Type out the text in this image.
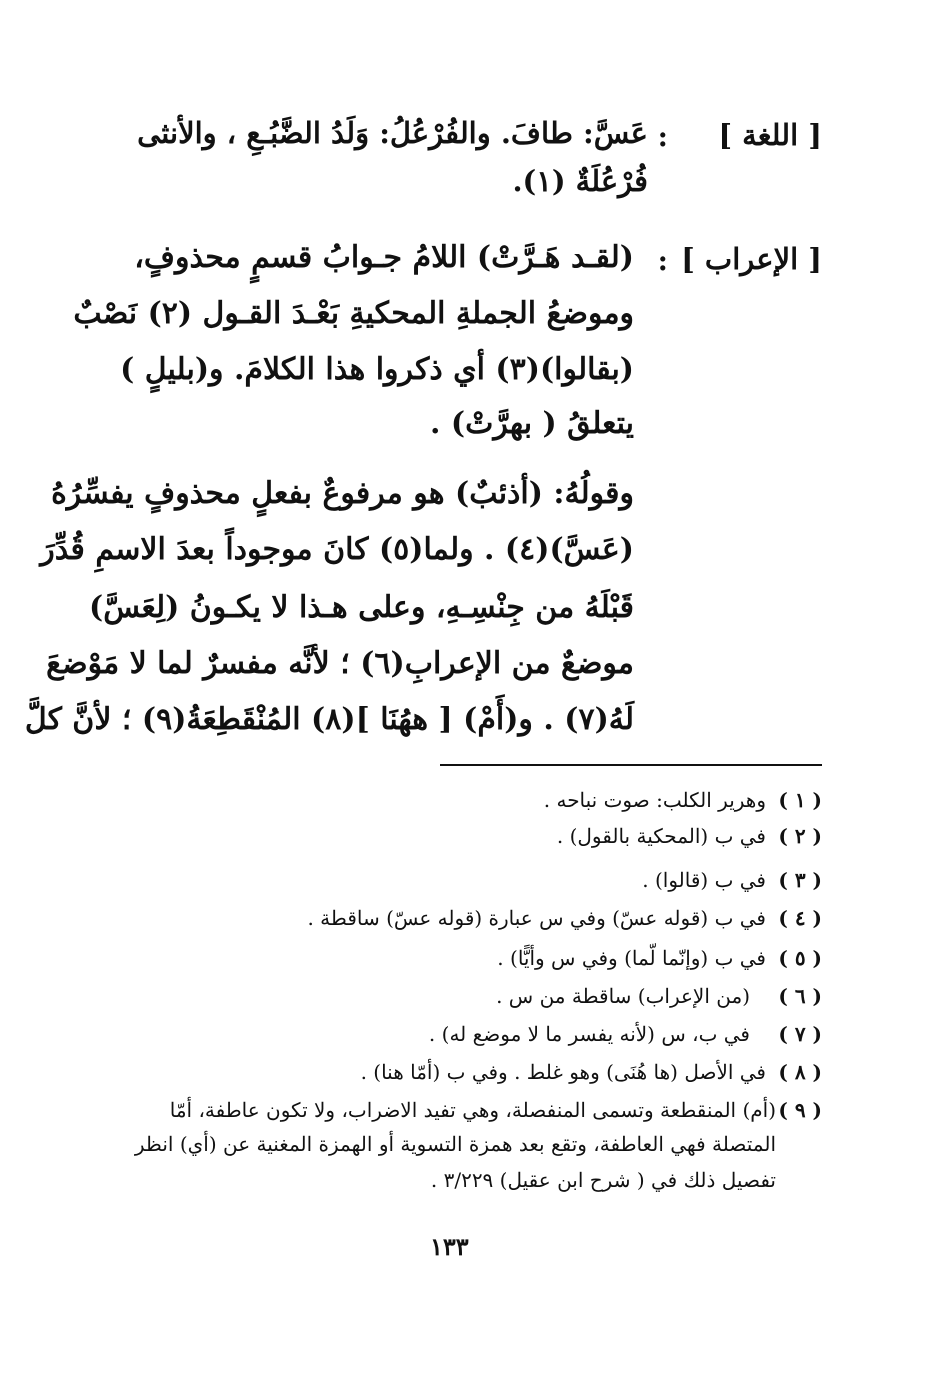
[ اللغة ]
:
عَسَّ: طافَ. والفُرْعُلُ: وَلَدُ الضَّبُـعِ ، والأنثى
فُرْعُلَةٌ (١).
[ الإعراب ]
:
(لقـد هَـرَّتْ) اللامُ جـوابُ قسمٍ محذوفٍ،
وموضعُ الجملةِ المحكيةِ بَعْـدَ القـول (٢) نَصْبٌ
(بقالوا)(٣) أي ذكروا هذا الكلامَ. و(بليلٍ )
يتعلقُ ( بهرَّتْ) .
وقولُهُ: (أذئبٌ) هو مرفوعٌ بفعلٍ محذوفٍ يفسِّرُهُ
(عَسَّ)(٤) . ولما(٥) كانَ موجوداً بعدَ الاسمِ قُدِّرَ
قَبْلَهُ من جِنْسِـهِ، وعلى هـذا لا يكـونُ (لِعَسَّ)
موضعٌ من الإعرابِ(٦) ؛ لأنَّه مفسرٌ لما لا مَوْضعَ
لَهُ(٧) . و(أَمْ) [ ههُنَا ](٨) المُنْقَطِعَةُ(٩) ؛ لأنَّ كلَّ
( ١ )
وهرير الكلب: صوت نباحه .
( ٢ )
في ب (المحكية بالقول) .
( ٣ )
في ب (قالوا) .
( ٤ )
في ب (قوله عسّ) وفي س عبارة (قوله عسّ) ساقطة .
( ٥ )
في ب (وإنّما لّما) وفي س وأيًّا) .
( ٦ )
(من الإعراب) ساقطة من س .
( ٧ )
في ب، س (لأنه يفسر ما لا موضع له) .
( ٨ )
في الأصل (ها هُنَى) وهو غلط . وفي ب (أمّا هنا) .
( ٩ )
(أم) المنقطعة وتسمى المنفصلة، وهي تفيد الاضراب، ولا تكون عاطفة، أمّا
المتصلة فهي العاطفة، وتقع بعد همزة التسوية أو الهمزة المغنية عن (أي) انظر
تفصيل ذلك في ( شرح ابن عقيل) ٣/٢٢٩ .
١٣٣
